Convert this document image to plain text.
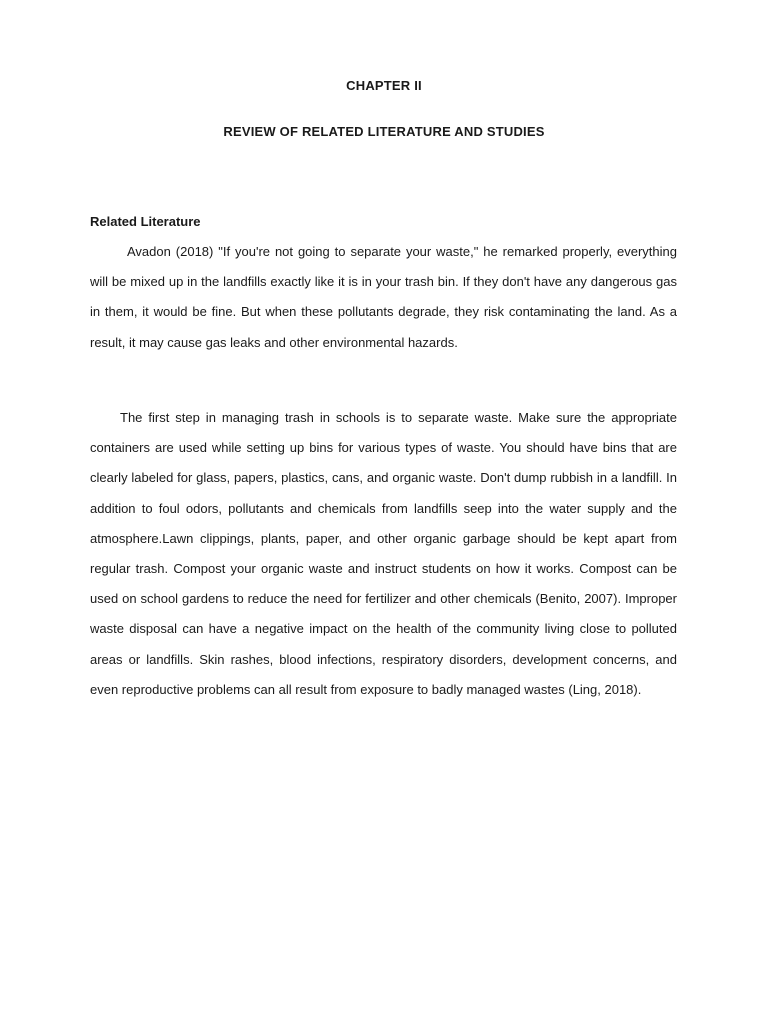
CHAPTER II
REVIEW OF RELATED LITERATURE AND STUDIES
Related Literature

Avadon (2018) "If you're not going to separate your waste," he remarked properly, everything will be mixed up in the landfills exactly like it is in your trash bin. If they don't have any dangerous gas in them, it would be fine. But when these pollutants degrade, they risk contaminating the land. As a result, it may cause gas leaks and other environmental hazards.

The first step in managing trash in schools is to separate waste. Make sure the appropriate containers are used while setting up bins for various types of waste. You should have bins that are clearly labeled for glass, papers, plastics, cans, and organic waste. Don't dump rubbish in a landfill. In addition to foul odors, pollutants and chemicals from landfills seep into the water supply and the atmosphere.Lawn clippings, plants, paper, and other organic garbage should be kept apart from regular trash. Compost your organic waste and instruct students on how it works. Compost can be used on school gardens to reduce the need for fertilizer and other chemicals (Benito, 2007). Improper waste disposal can have a negative impact on the health of the community living close to polluted areas or landfills. Skin rashes, blood infections, respiratory disorders, development concerns, and even reproductive problems can all result from exposure to badly managed wastes (Ling, 2018).
